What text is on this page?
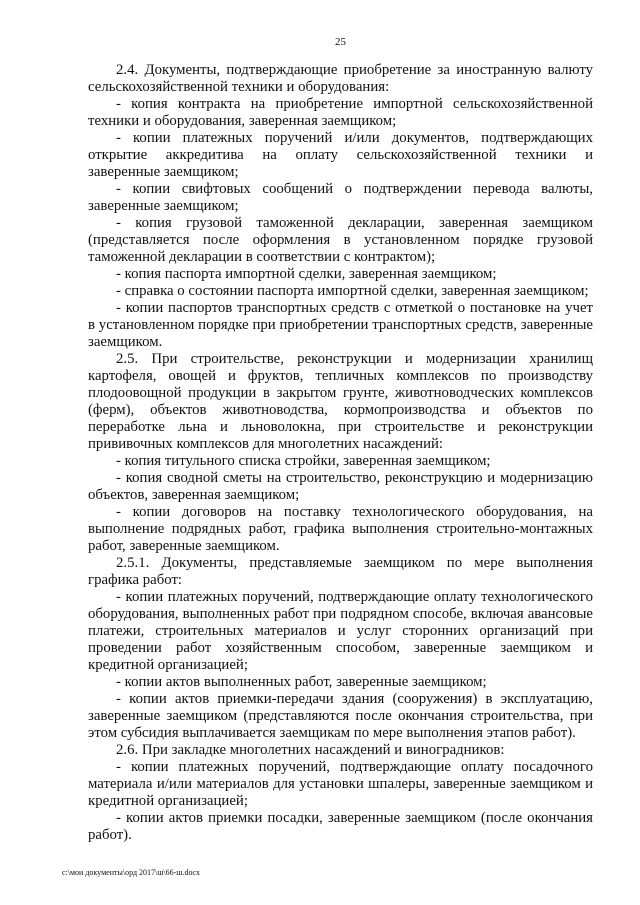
25
2.4. Документы, подтверждающие приобретение за иностранную валюту
сельскохозяйственной техники и оборудования:
- копия контракта на приобретение импортной сельскохозяйственной
техники и оборудования, заверенная заемщиком;
- копии платежных поручений и/или документов, подтверждающих
открытие аккредитива на оплату сельскохозяйственной техники и
заверенные заемщиком;
- копии свифтовых сообщений о подтверждении перевода валюты,
заверенные заемщиком;
- копия грузовой таможенной декларации, заверенная заемщиком
(представляется после оформления в установленном порядке грузовой
таможенной декларации в соответствии с контрактом);
- копия паспорта импортной сделки, заверенная заемщиком;
- справка о состоянии паспорта импортной сделки, заверенная заемщиком;
- копии паспортов транспортных средств с отметкой о постановке на учет
в установленном порядке при приобретении транспортных средств, заверенные
заемщиком.
2.5. При строительстве, реконструкции и модернизации хранилищ
картофеля, овощей и фруктов, тепличных комплексов по производству
плодоовощной продукции в закрытом грунте, животноводческих комплексов
(ферм), объектов животноводства, кормопроизводства и объектов по
переработке льна и льноволокна, при строительстве и реконструкции
прививочных комплексов для многолетних насаждений:
- копия титульного списка стройки, заверенная заемщиком;
- копия сводной сметы на строительство, реконструкцию и модернизацию
объектов, заверенная заемщиком;
- копии договоров на поставку технологического оборудования, на
выполнение подрядных работ, графика выполнения строительно-монтажных
работ, заверенные заемщиком.
2.5.1. Документы, представляемые заемщиком по мере выполнения
графика работ:
- копии платежных поручений, подтверждающие оплату технологического
оборудования, выполненных работ при подрядном способе, включая авансовые
платежи, строительных материалов и услуг сторонних организаций при
проведении работ хозяйственным способом, заверенные заемщиком и
кредитной организацией;
- копии актов выполненных работ, заверенные заемщиком;
- копии актов приемки-передачи здания (сооружения) в эксплуатацию,
заверенные заемщиком (представляются после окончания строительства, при
этом субсидия выплачивается заемщикам по мере выполнения этапов работ).
2.6. При закладке многолетних насаждений и виноградников:
- копии платежных поручений, подтверждающие оплату посадочного
материала и/или материалов для установки шпалеры, заверенные заемщиком и
кредитной организацией;
- копии актов приемки посадки, заверенные заемщиком (после окончания
работ).
c:\мои документы\орд 2017\ш\66-ш.docx
